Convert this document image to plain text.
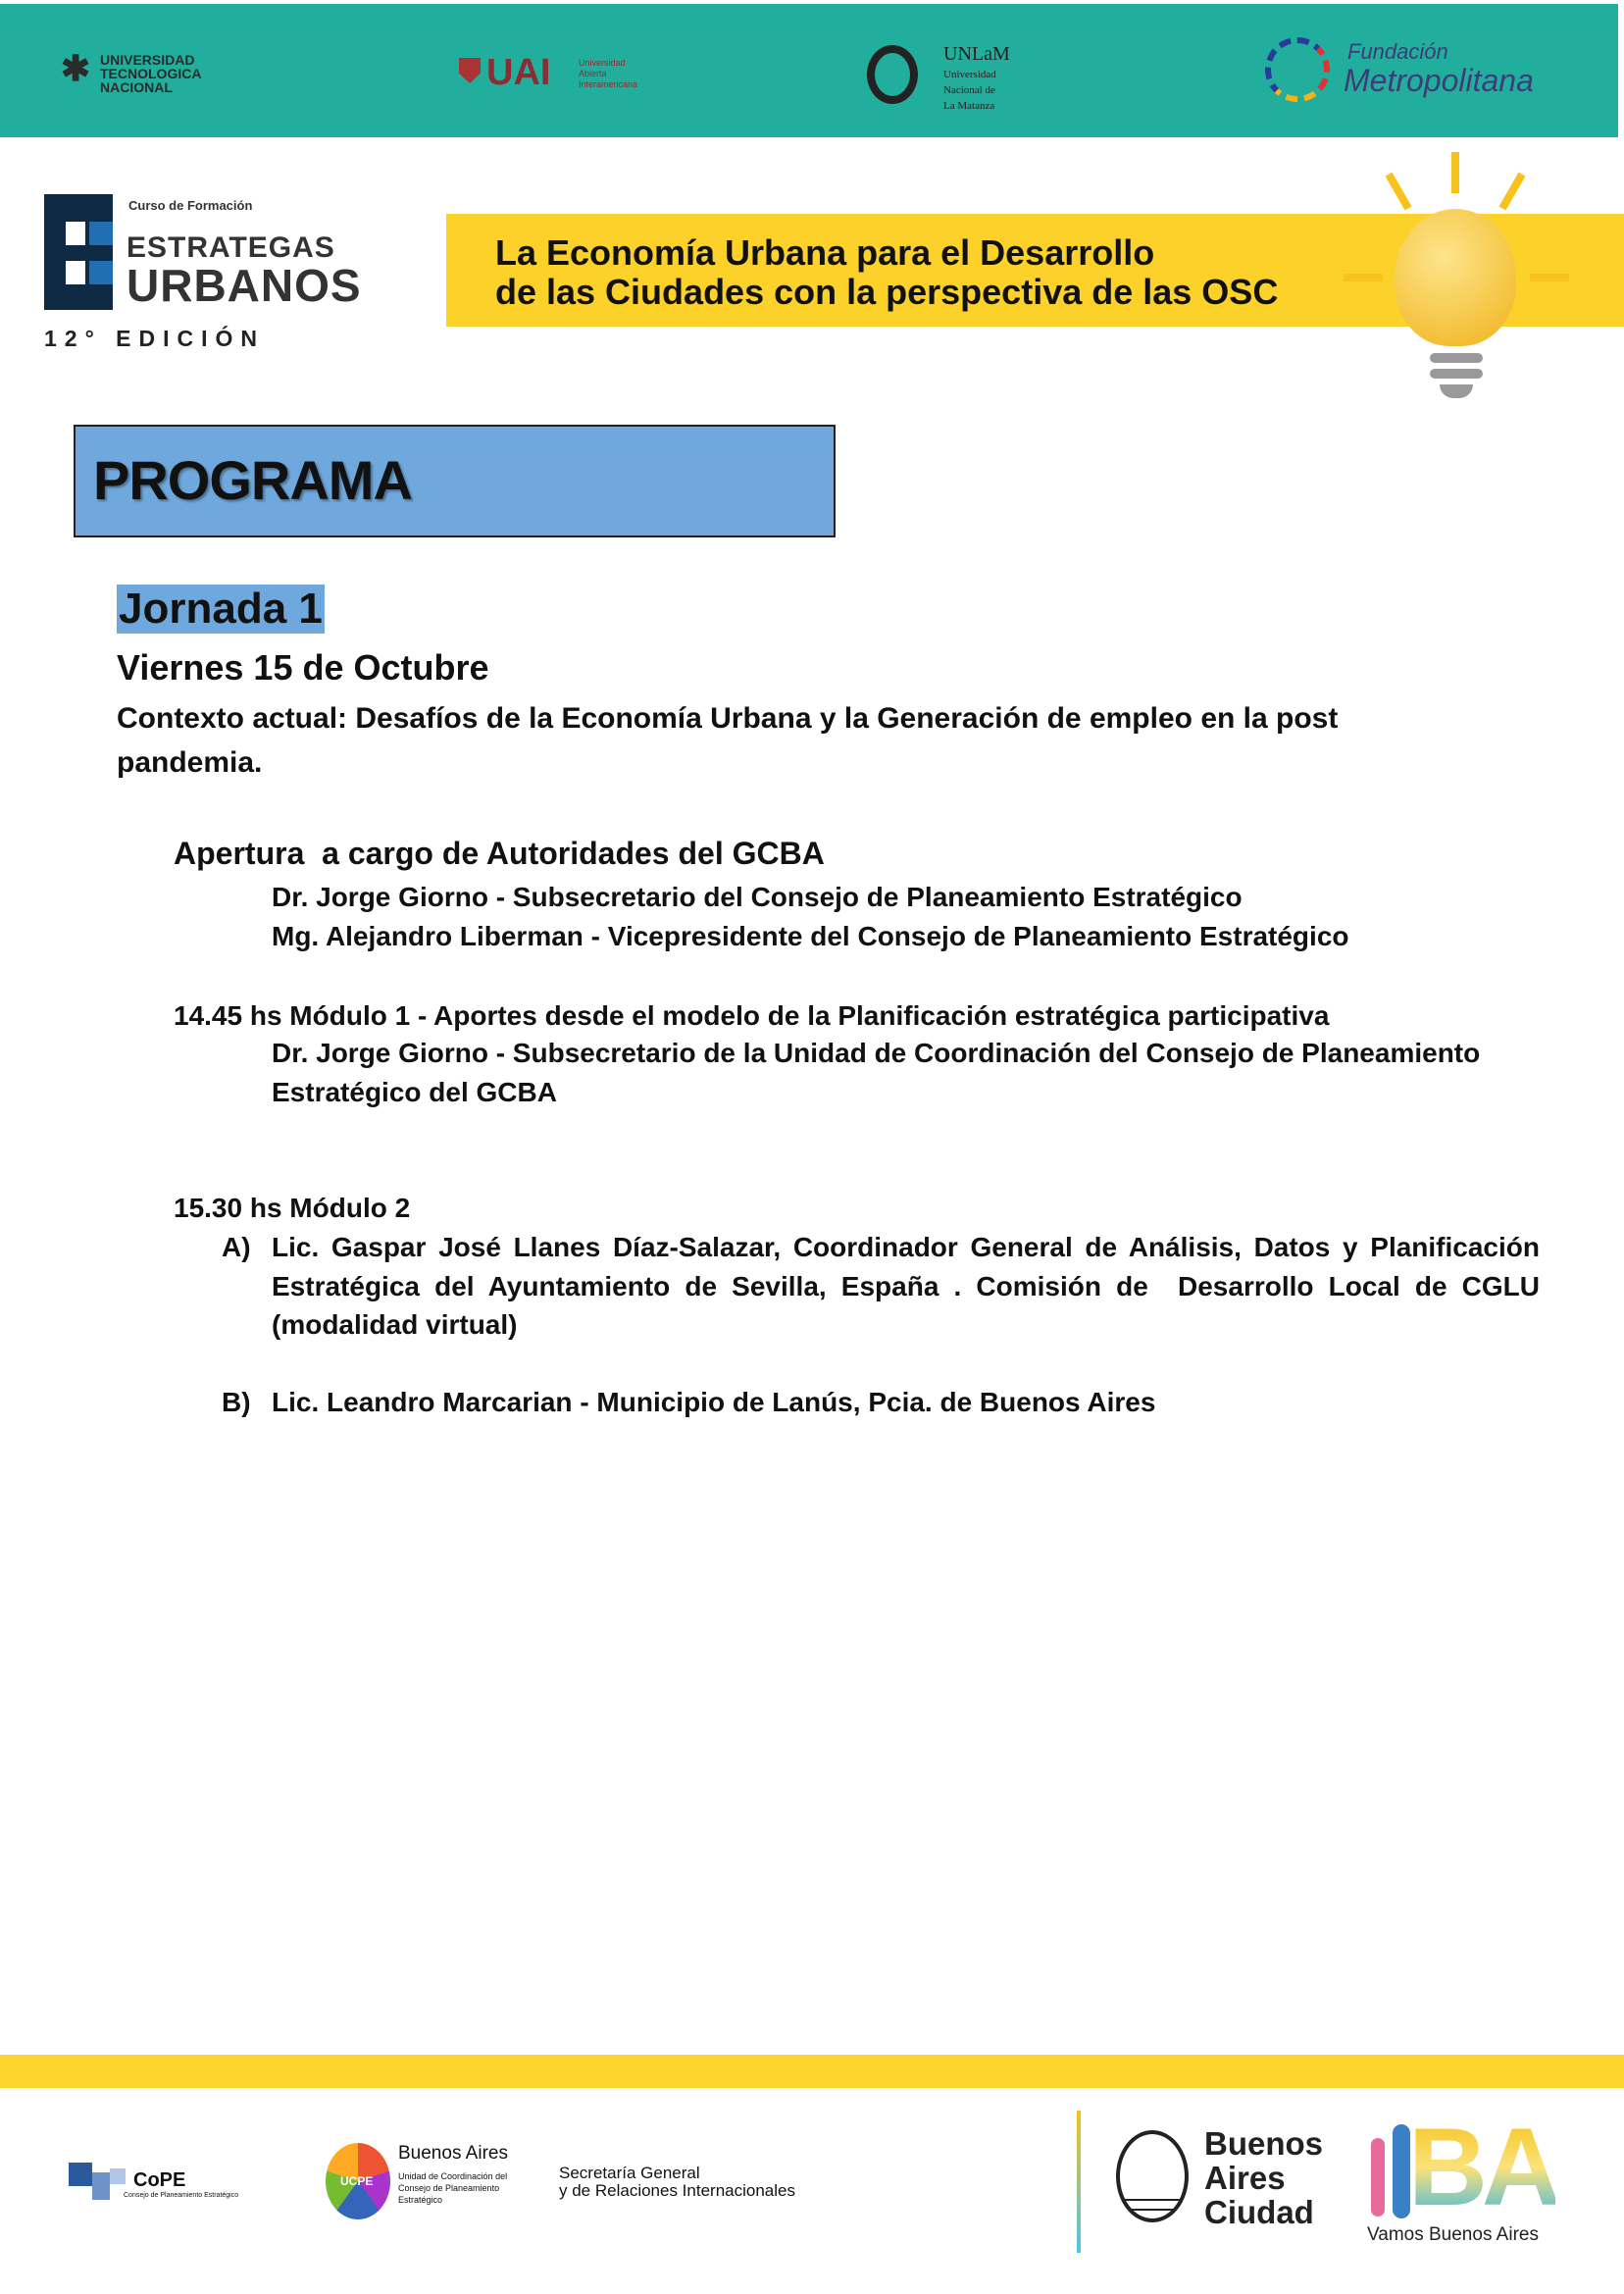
✱ UNIVERSIDAD
TECNOLOGICA
NACIONAL	UAI	Universidad
Abierta
Interamericana
UNLaM
Universidad
Nacional de
La Matanza
Fundación
Metropolitana
Curso de Formación
ESTRATEGAS
URBANOS
12° EDICIÓN
La Economía Urbana para el Desarrollo
de las Ciudades con la perspectiva de las OSC
PROGRAMA
Jornada 1
Viernes 15 de Octubre
Contexto actual: Desafíos de la Economía Urbana y la Generación de empleo en la post
pandemia.
Apertura  a cargo de Autoridades del GCBA
Dr. Jorge Giorno - Subsecretario del Consejo de Planeamiento Estratégico
Mg. Alejandro Liberman - Vicepresidente del Consejo de Planeamiento Estratégico
14.45 hs Módulo 1 - Aportes desde el modelo de la Planificación estratégica participativa
Dr. Jorge Giorno - Subsecretario de la Unidad de Coordinación del Consejo de Planeamiento
Estratégico del GCBA
15.30 hs Módulo 2
A) Lic. Gaspar José Llanes Díaz-Salazar, Coordinador General de Análisis, Datos y Planificación
Estratégica del Ayuntamiento de Sevilla, España . Comisión de  Desarrollo Local de CGLU
(modalidad virtual)
B) Lic. Leandro Marcarian - Municipio de Lanús, Pcia. de Buenos Aires
CoPE
Consejo de Planeamiento Estratégico
UCPE
Buenos Aires
Unidad de Coordinación del
Consejo de Planeamiento
Estratégico
Secretaría General
y de Relaciones Internacionales
Buenos
Aires
Ciudad BA
Vamos Buenos Aires
